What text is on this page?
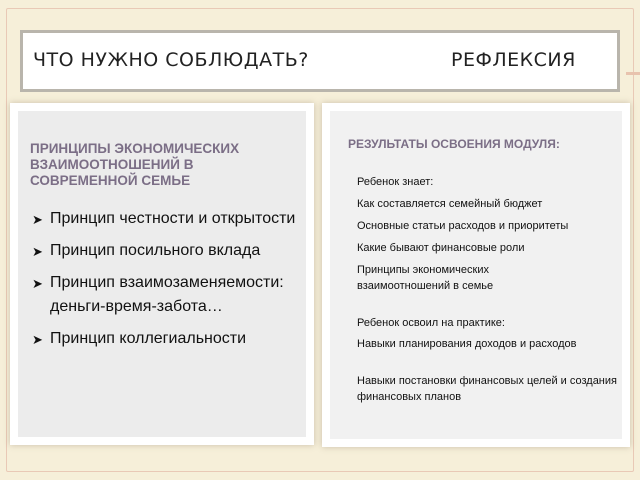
ЧТО НУЖНО СОБЛЮДАТЬ?	РЕФЛЕКСИЯ
ПРИНЦИПЫ ЭКОНОМИЧЕСКИХ ВЗАИМООТНОШЕНИЙ В СОВРЕМЕННОЙ СЕМЬЕ
➤ Принцип честности и открытости
➤ Принцип посильного вклада
➤ Принцип взаимозаменяемости: деньги-время-забота…
➤ Принцип коллегиальности
РЕЗУЛЬТАТЫ ОСВОЕНИЯ МОДУЛЯ:
Ребенок знает:
Как составляется семейный бюджет
Основные статьи расходов и приоритеты
Какие бывают финансовые роли
Принципы экономических взаимоотношений в семье
Ребенок освоил на практике:
Навыки планирования доходов и расходов
Навыки постановки финансовых целей и создания финансовых планов
